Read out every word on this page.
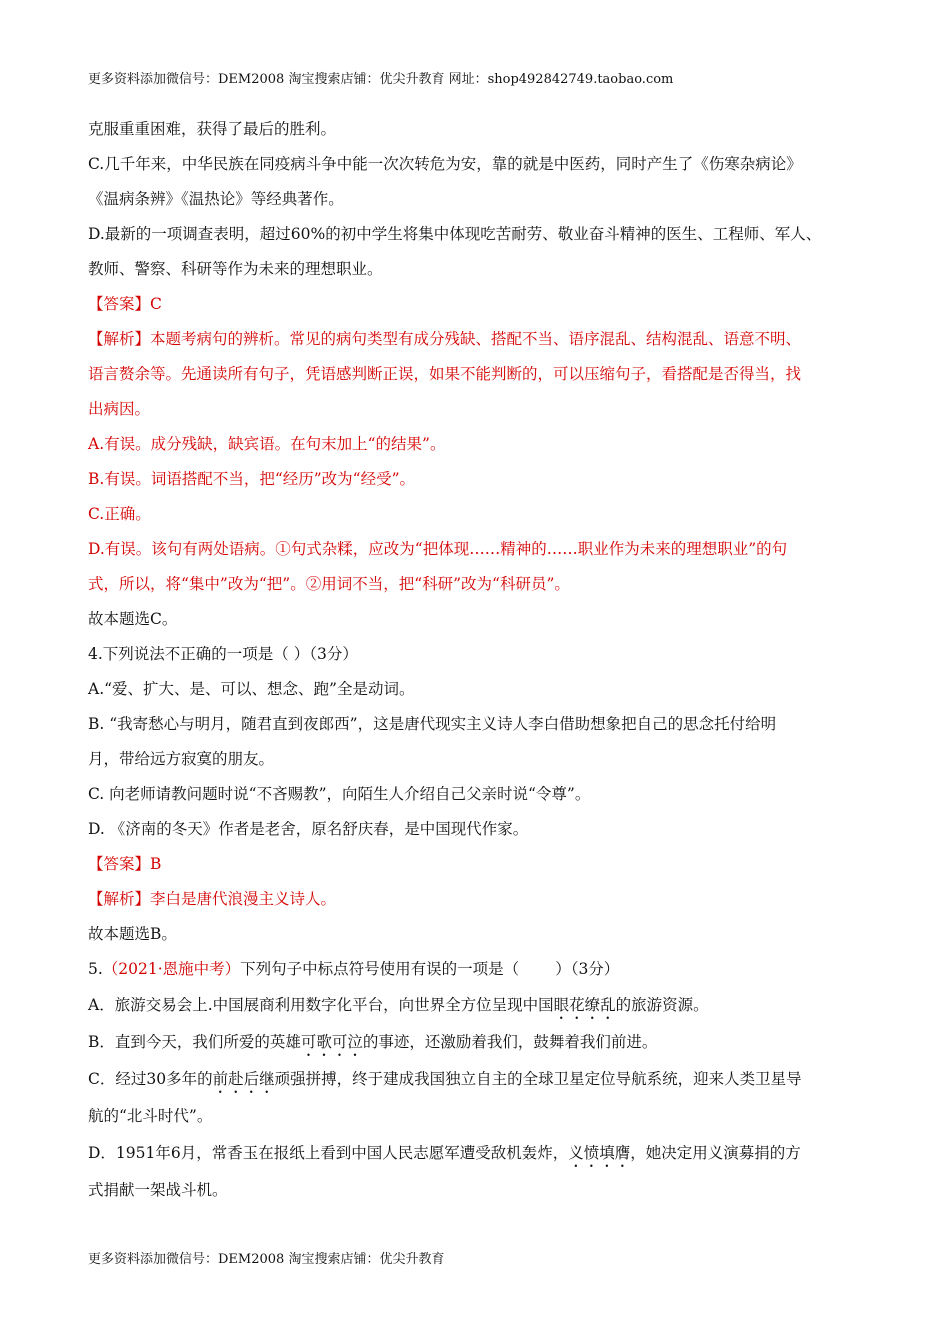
更多资料添加微信号：DEM2008 淘宝搜索店铺：优尖升教育 网址：shop492842749.taobao.com
克服重重困难，获得了最后的胜利。
C.几千年来，中华民族在同疫病斗争中能一次次转危为安，靠的就是中医药，同时产生了《伤寒杂病论》
《温病条辨》《温热论》等经典著作。
D.最新的一项调查表明，超过60%的初中学生将集中体现吃苦耐劳、敬业奋斗精神的医生、工程师、军人、
教师、警察、科研等作为未来的理想职业。
【答案】C
【解析】本题考病句的辨析。常见的病句类型有成分残缺、搭配不当、语序混乱、结构混乱、语意不明、
语言赘余等。先通读所有句子，凭语感判断正误，如果不能判断的，可以压缩句子，看搭配是否得当，找
出病因。
A.有误。成分残缺，缺宾语。在句末加上“的结果”。
B.有误。词语搭配不当，把“经历”改为“经受”。
C.正确。
D.有误。该句有两处语病。①句式杂糅，应改为“把体现……精神的……职业作为未来的理想职业”的句
式，所以，将“集中”改为“把”。②用词不当，把“科研”改为“科研员”。
故本题选C。
4.下列说法不正确的一项是（ ）（3分）
A.“爱、扩大、是、可以、想念、跑”全是动词。
B. “我寄愁心与明月，随君直到夜郎西”，这是唐代现实主义诗人李白借助想象把自己的思念托付给明
月，带给远方寂寞的朋友。
C. 向老师请教问题时说“不吝赐教”，向陌生人介绍自己父亲时说“令尊”。
D. 《济南的冬天》作者是老舍，原名舒庆春，是中国现代作家。
【答案】B
【解析】李白是唐代浪漫主义诗人。
故本题选B。
5.（2021·恩施中考）下列句子中标点符号使用有误的一项是（ ）（3分）
A．旅游交易会上.中国展商利用数字化平台，向世界全方位呈现中国眼花缭乱的旅游资源。
B．直到今天，我们所爱的英雄可歌可泣的事迹，还激励着我们，鼓舞着我们前进。
C．经过30多年的前赴后继顽强拼搏，终于建成我国独立自主的全球卫星定位导航系统，迎来人类卫星导
航的“北斗时代”。
D．1951年6月，常香玉在报纸上看到中国人民志愿军遭受敌机轰炸，义愤填膺，她决定用义演募捐的方
式捐献一架战斗机。
更多资料添加微信号：DEM2008 淘宝搜索店铺：优尖升教育
